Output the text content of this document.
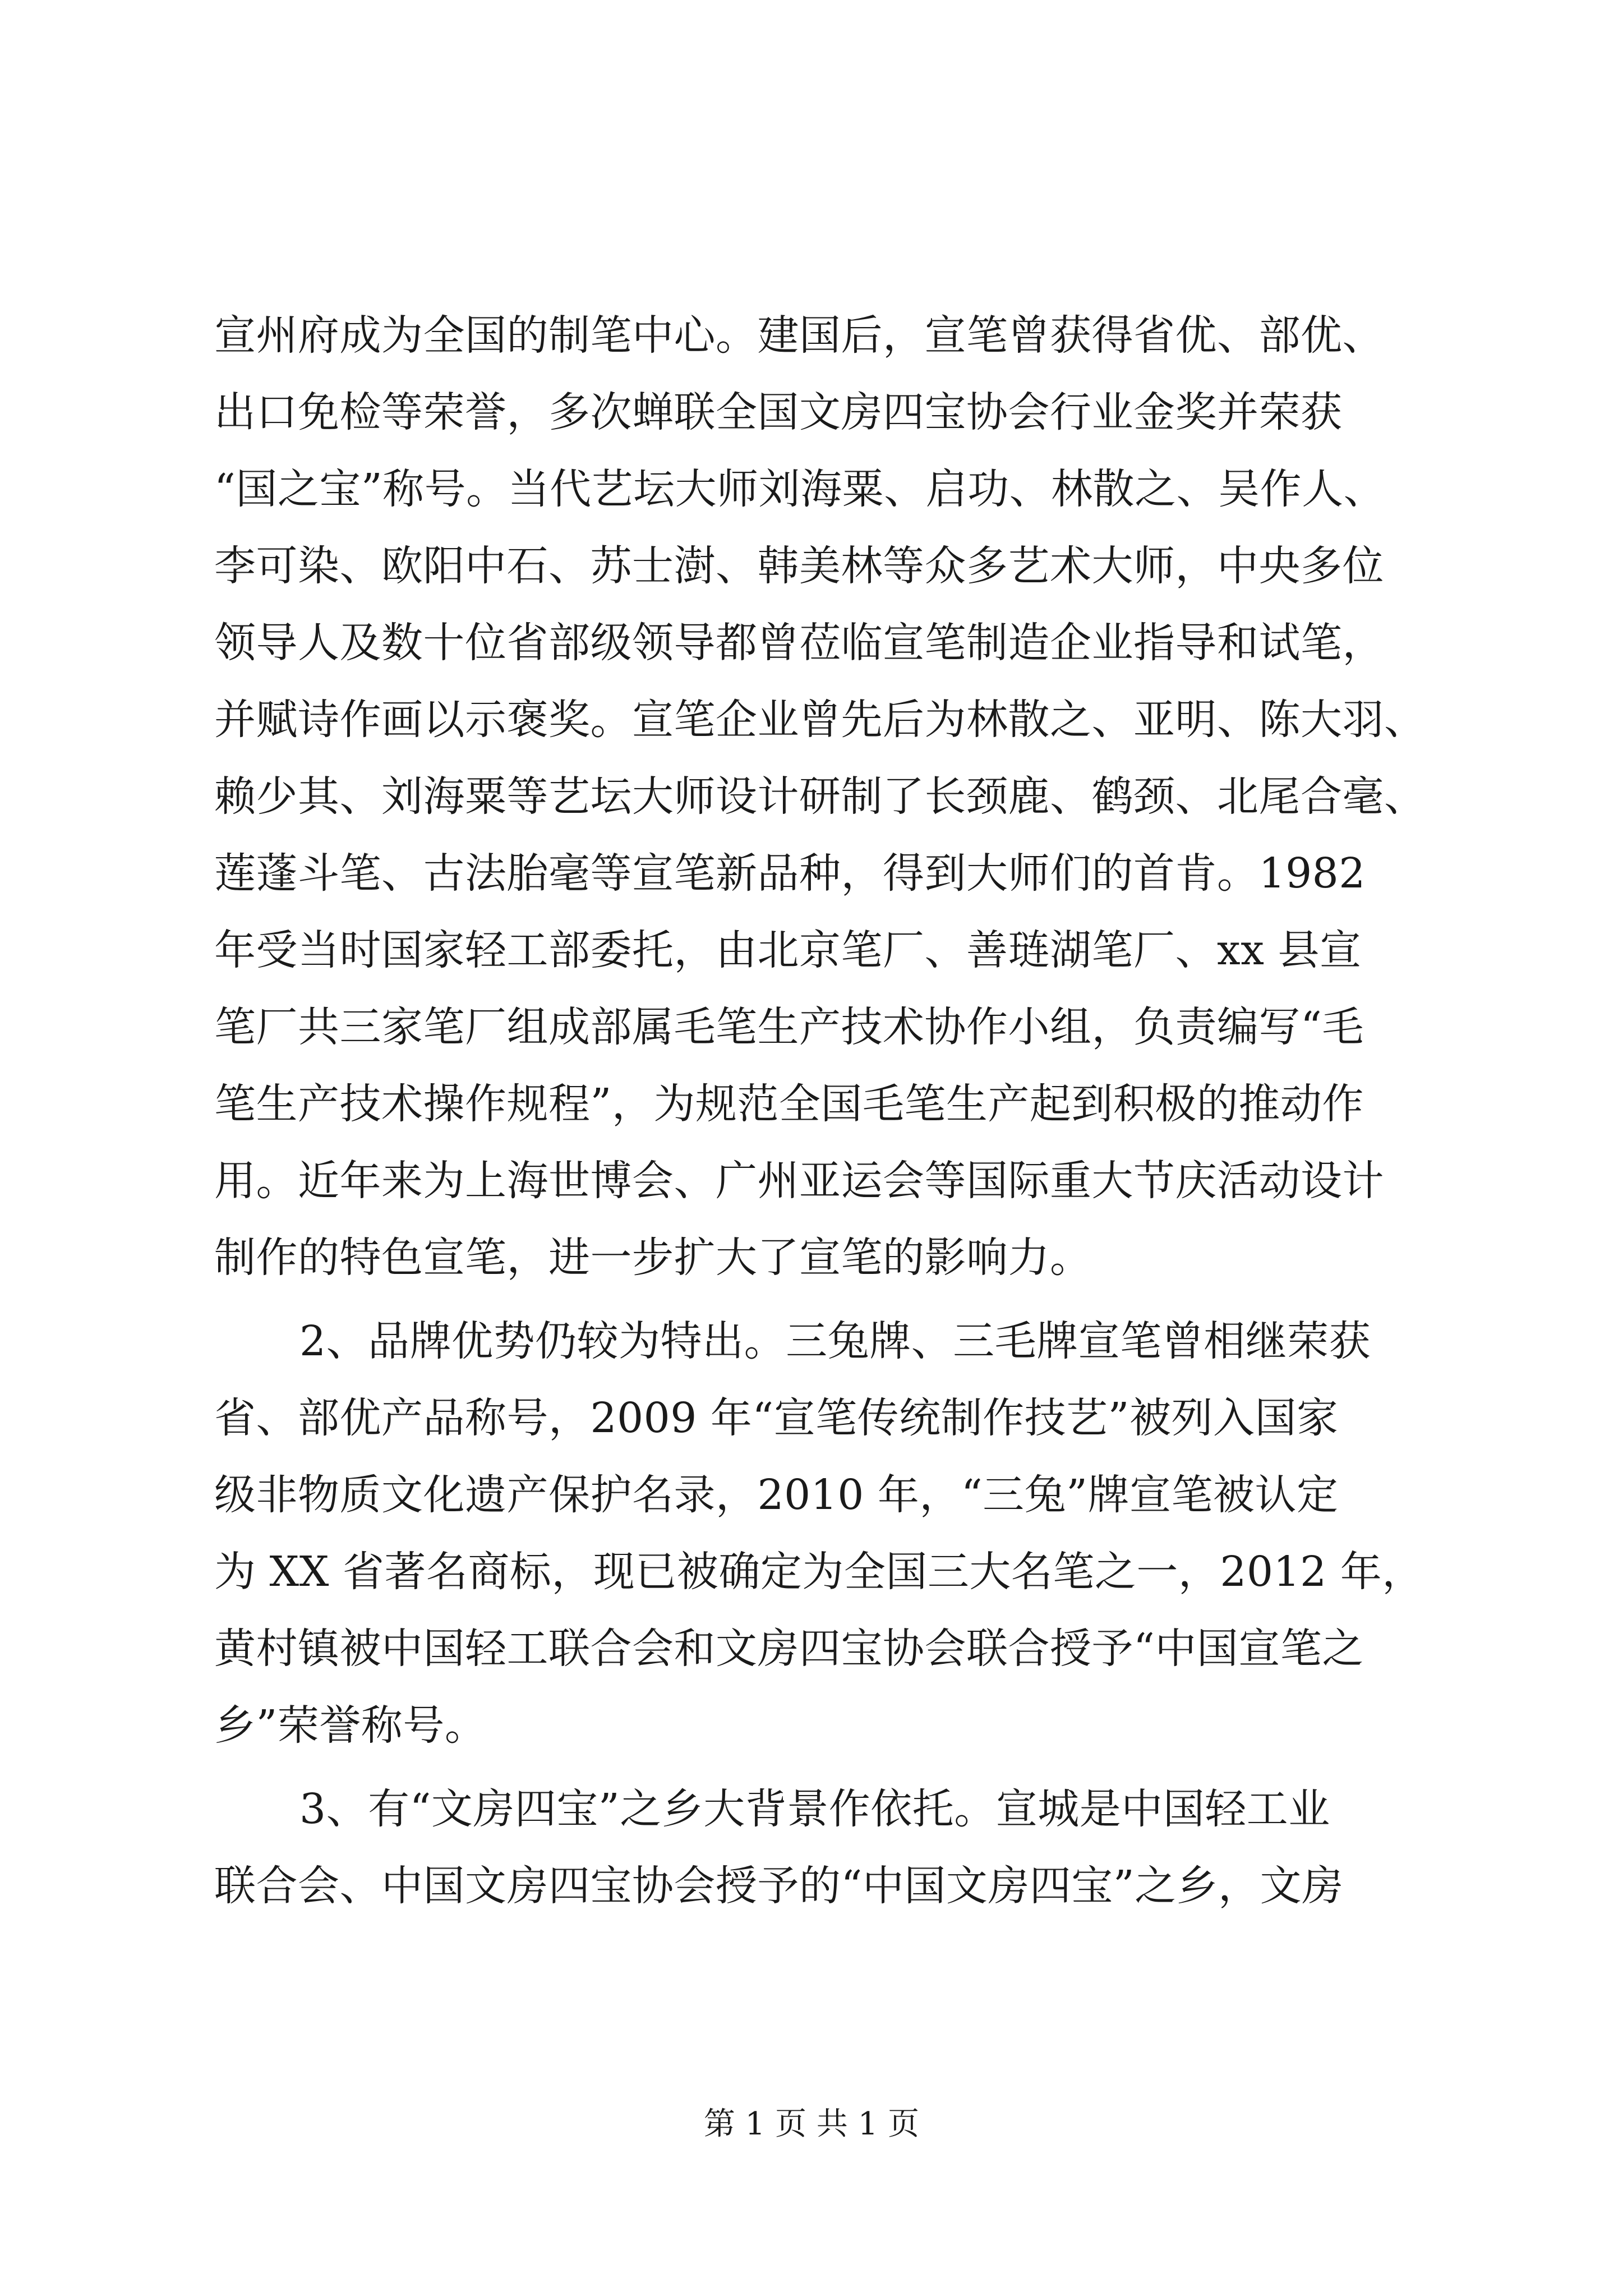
宣州府成为全国的制笔中心。建国后，宣笔曾获得省优、部优、
出口免检等荣誉，多次蝉联全国文房四宝协会行业金奖并荣获
“国之宝”称号。当代艺坛大师刘海粟、启功、林散之、吴作人、
李可染、欧阳中石、苏士澍、韩美林等众多艺术大师，中央多位
领导人及数十位省部级领导都曾莅临宣笔制造企业指导和试笔，
并赋诗作画以示褒奖。宣笔企业曾先后为林散之、亚明、陈大羽、
赖少其、刘海粟等艺坛大师设计研制了长颈鹿、鹤颈、北尾合毫、
莲蓬斗笔、古法胎毫等宣笔新品种，得到大师们的首肯。1982
年受当时国家轻工部委托，由北京笔厂、善琏湖笔厂、xx 县宣
笔厂共三家笔厂组成部属毛笔生产技术协作小组，负责编写“毛
笔生产技术操作规程”，为规范全国毛笔生产起到积极的推动作
用。近年来为上海世博会、广州亚运会等国际重大节庆活动设计
制作的特色宣笔，进一步扩大了宣笔的影响力。
2、品牌优势仍较为特出。三兔牌、三毛牌宣笔曾相继荣获
省、部优产品称号，2009 年“宣笔传统制作技艺”被列入国家
级非物质文化遗产保护名录，2010 年，“三兔”牌宣笔被认定
为 XX 省著名商标，现已被确定为全国三大名笔之一，2012 年，
黄村镇被中国轻工联合会和文房四宝协会联合授予“中国宣笔之
乡”荣誉称号。
3、有“文房四宝”之乡大背景作依托。宣城是中国轻工业
联合会、中国文房四宝协会授予的“中国文房四宝”之乡，文房
第 1 页 共 1 页
